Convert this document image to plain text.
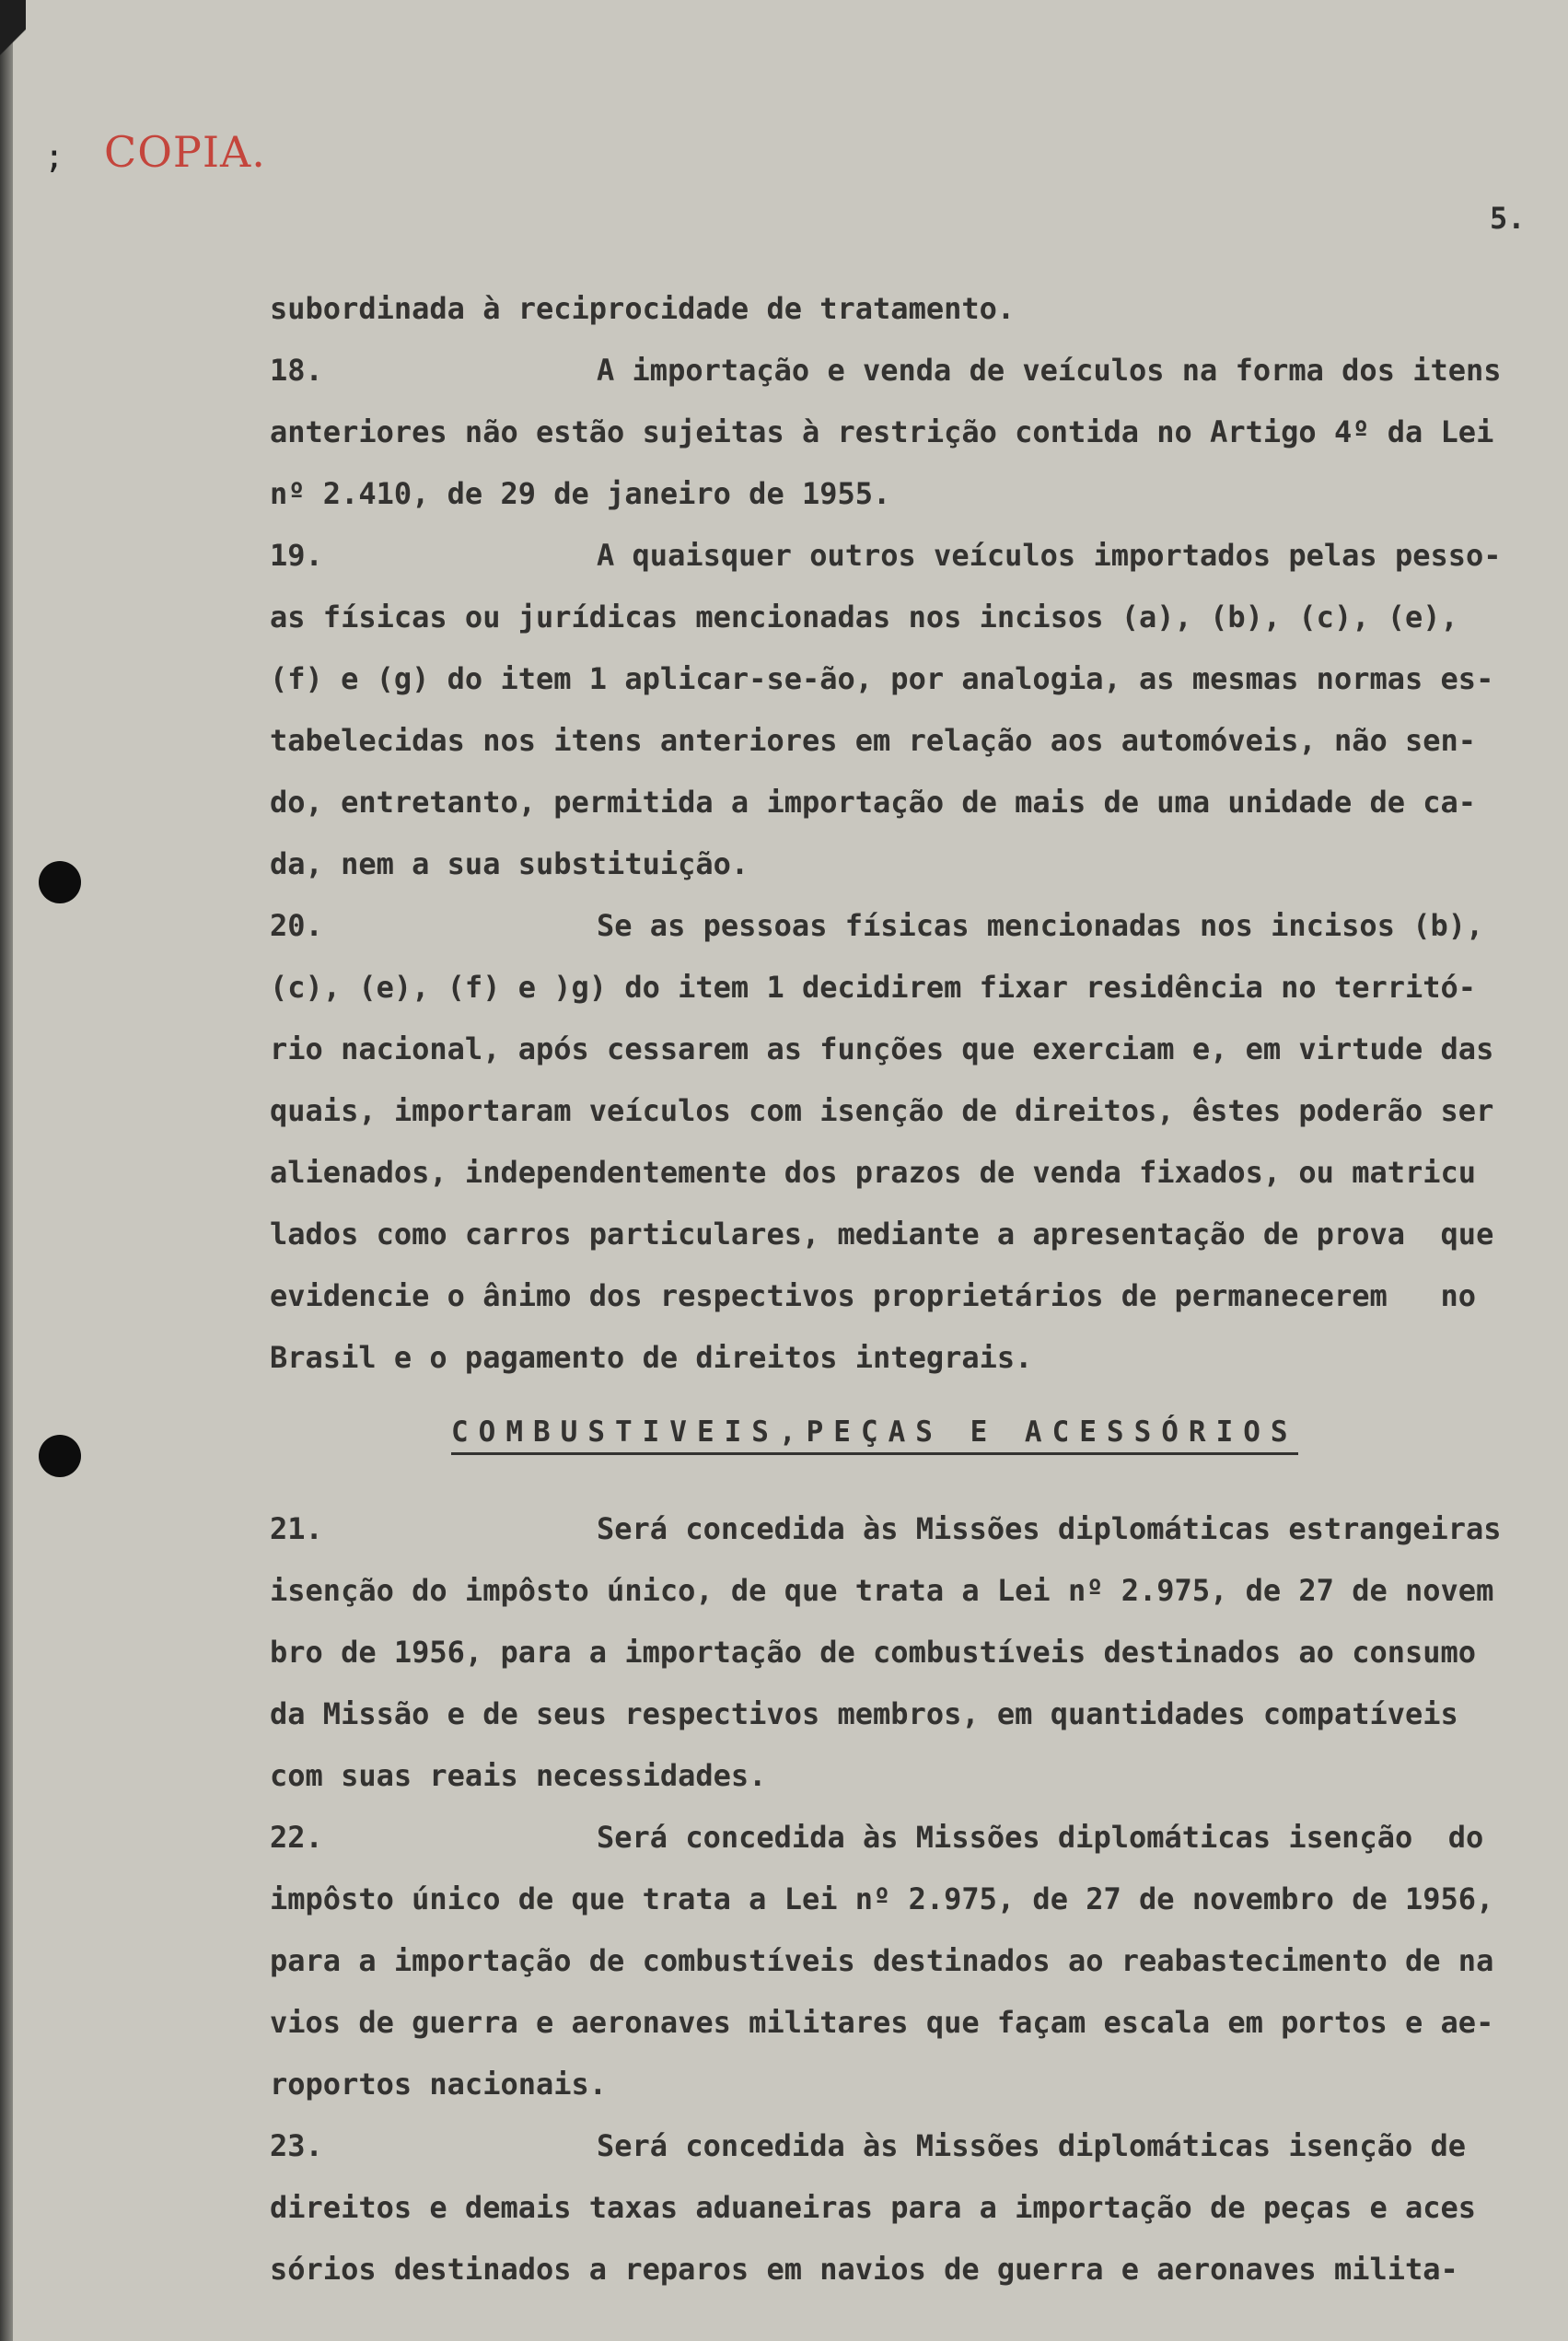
; COPIA.
5.
subordinada à reciprocidade de tratamento.
18.	A importação e venda de veículos na forma dos itens
anteriores não estão sujeitas à restrição contida no Artigo 4º da Lei
nº 2.410, de 29 de janeiro de 1955.
19.	A quaisquer outros veículos importados pelas pesso-
as físicas ou jurídicas mencionadas nos incisos (a), (b), (c), (e),
(f) e (g) do item 1 aplicar-se-ão, por analogia, as mesmas normas es-
tabelecidas nos itens anteriores em relação aos automóveis, não sen-
do, entretanto, permitida a importação de mais de uma unidade de ca-
da, nem a sua substituição.
20.	Se as pessoas físicas mencionadas nos incisos (b),
(c), (e), (f) e )g) do item 1 decidirem fixar residência no territó-
rio nacional, após cessarem as funções que exerciam e, em virtude das
quais, importaram veículos com isenção de direitos, êstes poderão ser
alienados, independentemente dos prazos de venda fixados, ou matricu
lados como carros particulares, mediante a apresentação de prova  que
evidencie o ânimo dos respectivos proprietários de permanecerem   no
Brasil e o pagamento de direitos integrais.
COMBUSTIVEIS,PEÇAS E ACESSÓRIOS
21.	Será concedida às Missões diplomáticas estrangeiras
isenção do impôsto único, de que trata a Lei nº 2.975, de 27 de novem
bro de 1956, para a importação de combustíveis destinados ao consumo
da Missão e de seus respectivos membros, em quantidades compatíveis
com suas reais necessidades.
22.	Será concedida às Missões diplomáticas isenção  do
impôsto único de que trata a Lei nº 2.975, de 27 de novembro de 1956,
para a importação de combustíveis destinados ao reabastecimento de na
vios de guerra e aeronaves militares que façam escala em portos e ae-
roportos nacionais.
23.	Será concedida às Missões diplomáticas isenção de
direitos e demais taxas aduaneiras para a importação de peças e aces
sórios destinados a reparos em navios de guerra e aeronaves milita-
